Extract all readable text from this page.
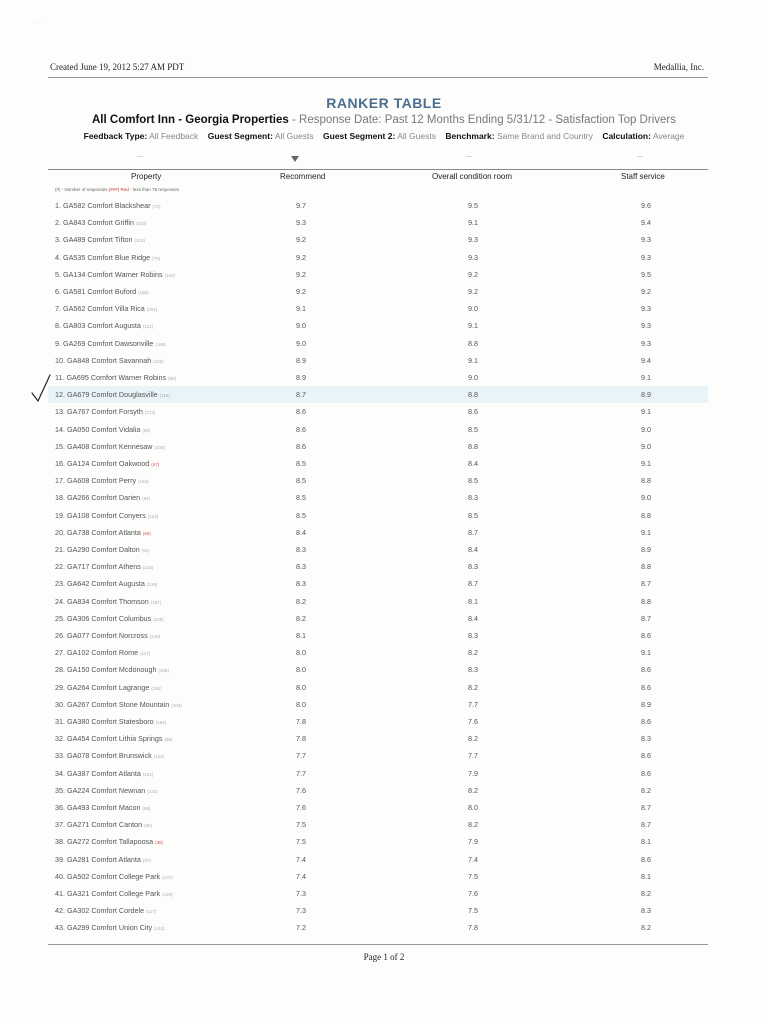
· · ·
Created June 19, 2012 5:27 AM PDT	Medallia, Inc.
RANKER TABLE
All Comfort Inn - Georgia Properties - Response Date: Past 12 Months Ending 5/31/12 - Satisfaction Top Drivers
Feedback Type: All Feedback Guest Segment: All Guests Guest Segment 2: All Guests Benchmark: Same Brand and Country Calculation: Average
—	—	—
Property	Recommend	Overall condition room	Staff service
(#) - Number of responses (###) Red - less than 75 responses
1. GA582 Comfort Blackshear (72)	9.7	9.5	9.6
2. GA843 Comfort Griffin (103)	9.3	9.1	9.4
3. GA489 Comfort Tifton (103)	9.2	9.3	9.3
4. GA535 Comfort Blue Ridge (76)	9.2	9.3	9.3
5. GA134 Comfort Warner Robins (102)	9.2	9.2	9.5
6. GA581 Comfort Buford (156)	9.2	9.2	9.2
7. GA562 Comfort Villa Rica (201)	9.1	9.0	9.3
8. GA803 Comfort Augusta (112)	9.0	9.1	9.3
9. GA269 Comfort Dawsonville (166)	9.0	8.8	9.3
10. GA848 Comfort Savannah (122)	8.9	9.1	9.4
11. GA695 Comfort Warner Robins (95)	8.9	9.0	9.1
12. GA679 Comfort Douglasville (118)	8.7	8.8	8.9
13. GA767 Comfort Forsyth (172)	8.6	8.6	9.1
14. GA050 Comfort Vidalia (95)	8.6	8.5	9.0
15. GA408 Comfort Kennesaw (100)	8.6	8.8	9.0
16. GA124 Comfort Oakwood (67)	8.5	8.4	9.1
17. GA608 Comfort Perry (163)	8.5	8.5	8.8
18. GA266 Comfort Darien (94)	8.5	8.3	9.0
19. GA108 Comfort Conyers (124)	8.5	8.5	8.8
20. GA738 Comfort Atlanta (68)	8.4	8.7	9.1
21. GA290 Comfort Dalton (91)	8.3	8.4	8.9
22. GA717 Comfort Athens (214)	8.3	8.3	8.8
23. GA642 Comfort Augusta (126)	8.3	8.7	8.7
24. GA834 Comfort Thomson (187)	8.2	8.1	8.8
25. GA306 Comfort Columbus (229)	8.2	8.4	8.7
26. GA077 Comfort Norcross (148)	8.1	8.3	8.6
27. GA102 Comfort Rome (117)	8.0	8.2	9.1
28. GA150 Comfort Mcdonough (108)	8.0	8.3	8.6
29. GA264 Comfort Lagrange (192)	8.0	8.2	8.6
30. GA267 Comfort Stone Mountain (203)	8.0	7.7	8.9
31. GA380 Comfort Statesboro (164)	7.8	7.6	8.6
32. GA454 Comfort Lithia Springs (88)	7.8	8.2	8.3
33. GA078 Comfort Brunswick (122)	7.7	7.7	8.6
34. GA387 Comfort Atlanta (241)	7.7	7.9	8.6
35. GA224 Comfort Newnan (143)	7.6	8.2	8.2
36. GA493 Comfort Macon (98)	7.6	8.0	8.7
37. GA271 Comfort Canton (95)	7.5	8.2	8.7
38. GA272 Comfort Tallapoosa (38)	7.5	7.9	8.1
39. GA281 Comfort Atlanta (97)	7.4	7.4	8.6
40. GA502 Comfort College Park (107)	7.4	7.5	8.1
41. GA321 Comfort College Park (125)	7.3	7.6	8.2
42. GA302 Comfort Cordele (117)	7.3	7.5	8.3
43. GA299 Comfort Union City (142)	7.2	7.8	8.2
Page 1 of 2
